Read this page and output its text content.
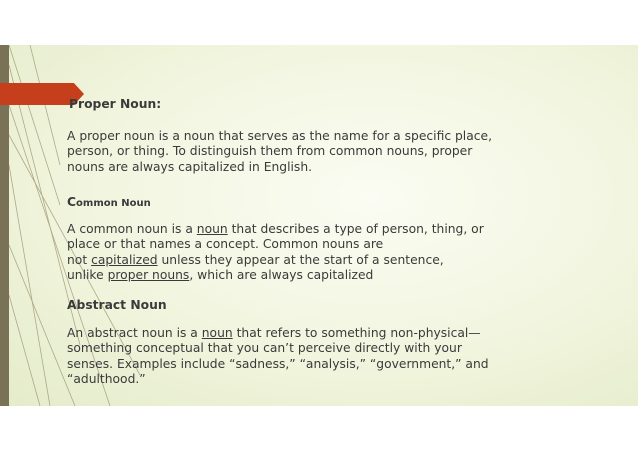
Proper Noun:
A proper noun is a noun that serves as the name for a specific place,
person, or thing. To distinguish them from common nouns, proper
nouns are always capitalized in English.
Common Noun
A common noun is a noun that describes a type of person, thing, or
place or that names a concept. Common nouns are
not capitalized unless they appear at the start of a sentence,
unlike proper nouns, which are always capitalized
Abstract Noun
An abstract noun is a noun that refers to something non-physical—
something conceptual that you can’t perceive directly with your
senses. Examples include “sadness,” “analysis,” “government,” and
“adulthood.”
